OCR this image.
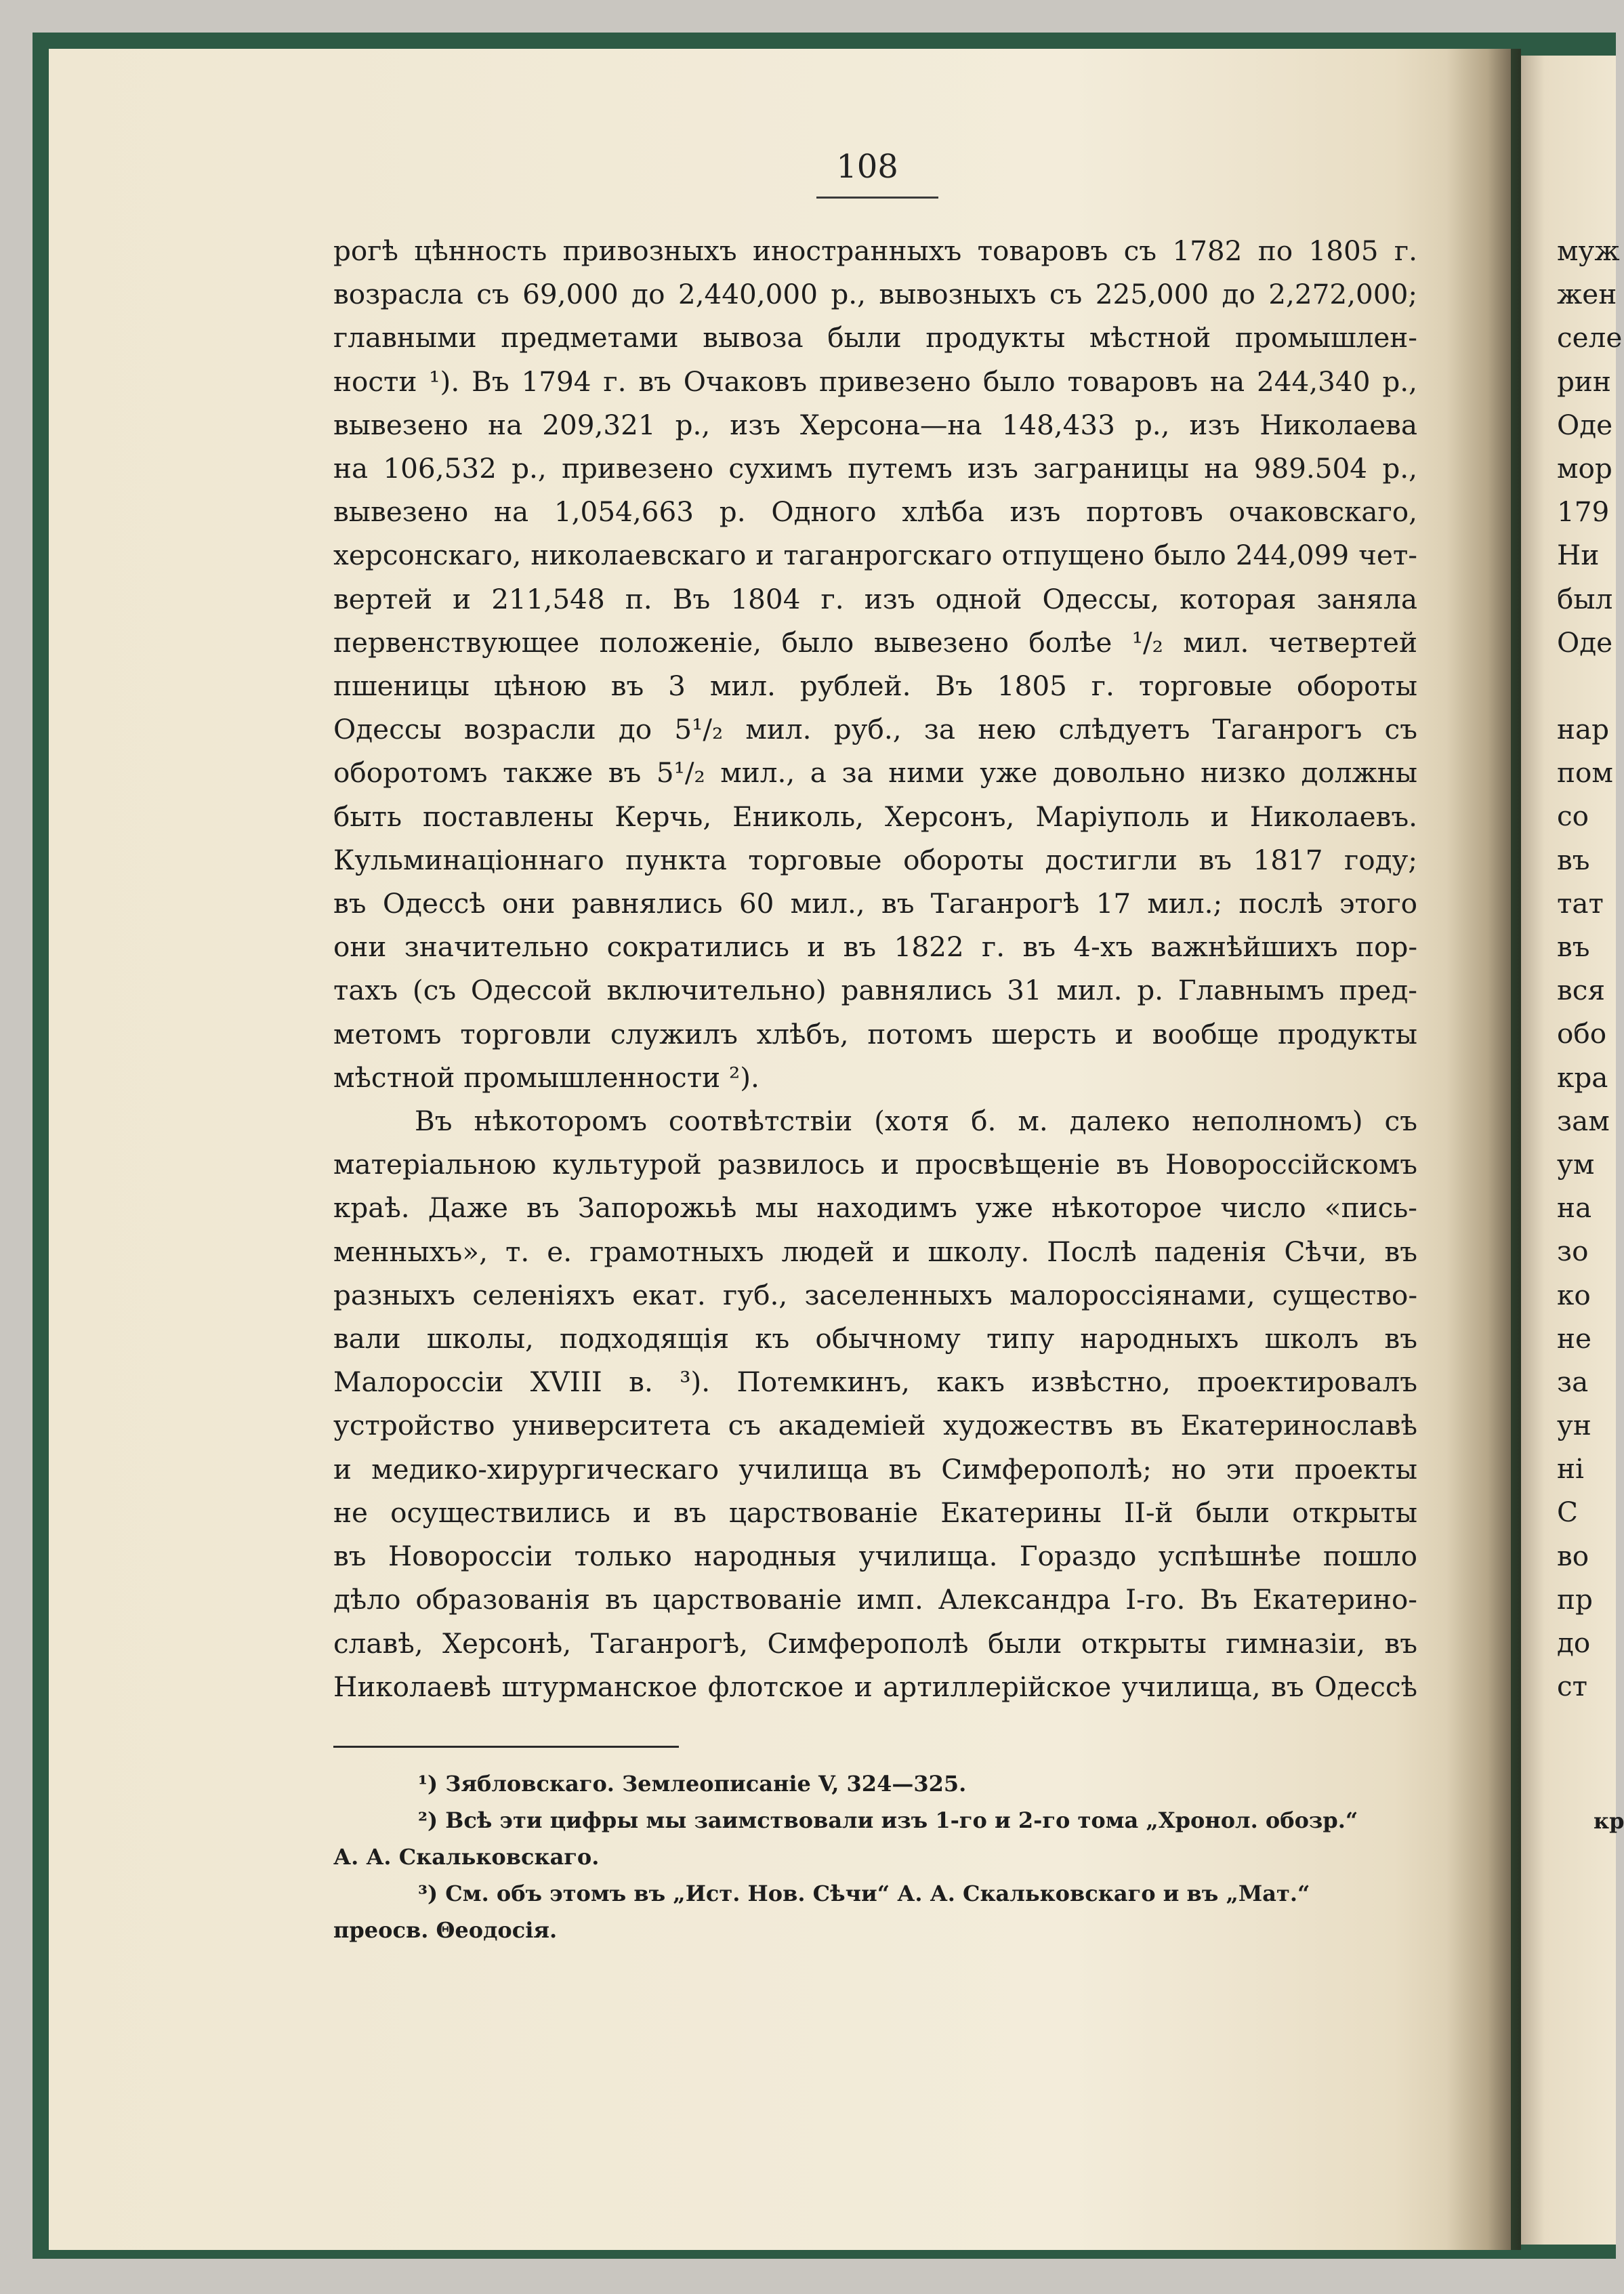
108
рогѣ цѣнность привозныхъ иностранныхъ товаровъ съ 1782 по 1805 г.
возрасла съ 69,000 до 2,440,000 р., вывозныхъ съ 225,000 до 2,272,000;
главными предметами вывоза были продукты мѣстной промышлен-
ности ¹). Въ 1794 г. въ Очаковъ привезено было товаровъ на 244,340 р.,
вывезено на 209,321 р., изъ Херсона—на 148,433 р., изъ Николаева
на 106,532 р., привезено сухимъ путемъ изъ заграницы на 989.504 р.,
вывезено на 1,054,663 р. Одного хлѣба изъ портовъ очаковскаго,
херсонскаго, николаевскаго и таганрогскаго отпущено было 244,099 чет-
вертей и 211,548 п. Въ 1804 г. изъ одной Одессы, которая заняла
первенствующее положеніе, было вывезено болѣе ¹/₂ мил. четвертей
пшеницы цѣною въ 3 мил. рублей. Въ 1805 г. торговые обороты
Одессы возрасли до 5¹/₂ мил. руб., за нею слѣдуетъ Таганрогъ съ
оборотомъ также въ 5¹/₂ мил., а за ними уже довольно низко должны
быть поставлены Керчь, Ениколь, Херсонъ, Маріуполь и Николаевъ.
Кульминаціоннаго пункта торговые обороты достигли въ 1817 году;
въ Одессѣ они равнялись 60 мил., въ Таганрогѣ 17 мил.; послѣ этого
они значительно сократились и въ 1822 г. въ 4-хъ важнѣйшихъ пор-
тахъ (съ Одессой включительно) равнялись 31 мил. р. Главнымъ пред-
метомъ торговли служилъ хлѣбъ, потомъ шерсть и вообще продукты
мѣстной промышленности ²).
Въ нѣкоторомъ соотвѣтствіи (хотя б. м. далеко неполномъ) съ
матеріальною культурой развилось и просвѣщеніе въ Новороссійскомъ
краѣ. Даже въ Запорожьѣ мы находимъ уже нѣкоторое число «пись-
менныхъ», т. е. грамотныхъ людей и школу. Послѣ паденія Сѣчи, въ
разныхъ селеніяхъ екат. губ., заселенныхъ малороссіянами, существо-
вали школы, подходящія къ обычному типу народныхъ школъ въ
Малороссіи XVIII в. ³). Потемкинъ, какъ извѣстно, проектировалъ
устройство университета съ академіей художествъ въ Екатеринославѣ
и медико-хирургическаго училища въ Симферополѣ; но эти проекты
не осуществились и въ царствованіе Екатерины II-й были открыты
въ Новороссіи только народныя училища. Гораздо успѣшнѣе пошло
дѣло образованія въ царствованіе имп. Александра I-го. Въ Екатерино-
славѣ, Херсонѣ, Таганрогѣ, Симферополѣ были открыты гимназіи, въ
Николаевѣ штурманское флотское и артиллерійское училища, въ Одессѣ
¹) Зябловскаго. Землеописаніе V, 324—325.
²) Всѣ эти цифры мы заимствовали изъ 1-го и 2-го тома „Хронол. обозр.“
А. А. Скальковскаго.
³) См. объ этомъ въ „Ист. Нов. Сѣчи“ А. А. Скальковскаго и въ „Мат.“
преосв. Θеодосія.
муж
жен
селе
рин
Оде
мор
179
Ни
был
Оде
нар
пом
со
въ
тат
въ
вся
обо
кра
зам
ум
на
зо
ко
не
за
ун
ні
С
во
пр
до
ст
кр
